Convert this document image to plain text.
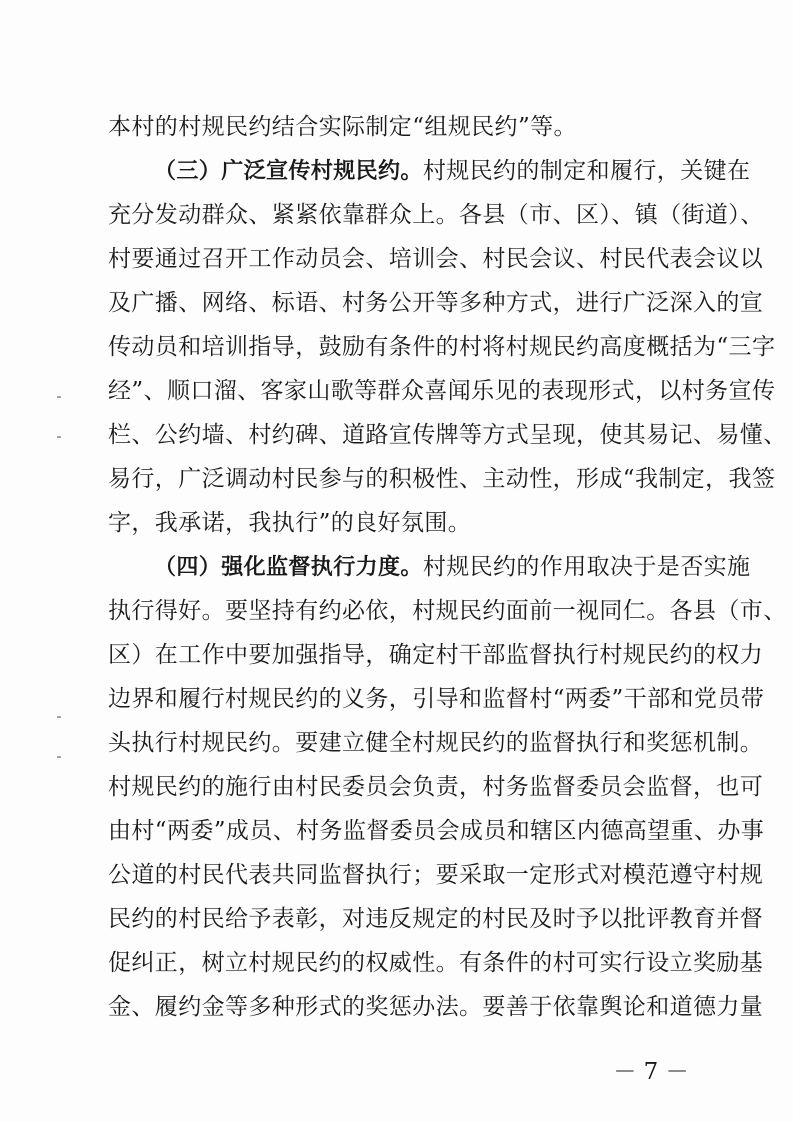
本村的村规民约结合实际制定“组规民约”等。
（三）广泛宣传村规民约。村规民约的制定和履行，关键在
充分发动群众、紧紧依靠群众上。各县（市、区）、镇（街道）、
村要通过召开工作动员会、培训会、村民会议、村民代表会议以
及广播、网络、标语、村务公开等多种方式，进行广泛深入的宣
传动员和培训指导，鼓励有条件的村将村规民约高度概括为“三字
经”、顺口溜、客家山歌等群众喜闻乐见的表现形式，以村务宣传
栏、公约墙、村约碑、道路宣传牌等方式呈现，使其易记、易懂、
易行，广泛调动村民参与的积极性、主动性，形成“我制定，我签
字，我承诺，我执行”的良好氛围。
（四）强化监督执行力度。村规民约的作用取决于是否实施
执行得好。要坚持有约必依，村规民约面前一视同仁。各县（市、
区）在工作中要加强指导，确定村干部监督执行村规民约的权力
边界和履行村规民约的义务，引导和监督村“两委”干部和党员带
头执行村规民约。要建立健全村规民约的监督执行和奖惩机制。
村规民约的施行由村民委员会负责，村务监督委员会监督，也可
由村“两委”成员、村务监督委员会成员和辖区内德高望重、办事
公道的村民代表共同监督执行；要采取一定形式对模范遵守村规
民约的村民给予表彰，对违反规定的村民及时予以批评教育并督
促纠正，树立村规民约的权威性。有条件的村可实行设立奖励基
金、履约金等多种形式的奖惩办法。要善于依靠舆论和道德力量
－ 7 －
